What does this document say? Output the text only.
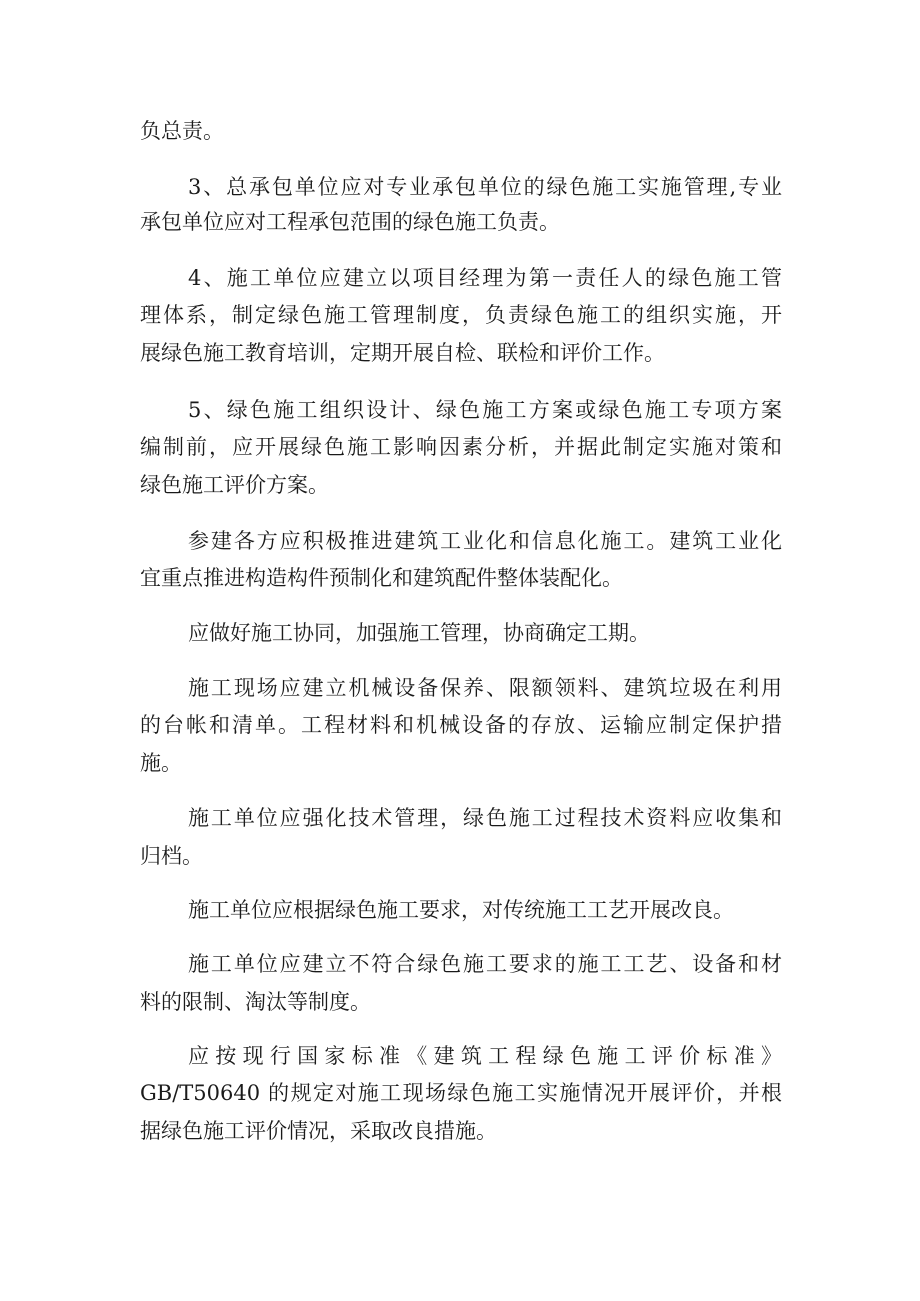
负总责。
3、总承包单位应对专业承包单位的绿色施工实施管理,专业
承包单位应对工程承包范围的绿色施工负责。
4、施工单位应建立以项目经理为第一责任人的绿色施工管
理体系，制定绿色施工管理制度，负责绿色施工的组织实施，开
展绿色施工教育培训，定期开展自检、联检和评价工作。
5、绿色施工组织设计、绿色施工方案或绿色施工专项方案
编制前，应开展绿色施工影响因素分析，并据此制定实施对策和
绿色施工评价方案。
参建各方应积极推进建筑工业化和信息化施工。建筑工业化
宜重点推进构造构件预制化和建筑配件整体装配化。
应做好施工协同，加强施工管理，协商确定工期。
施工现场应建立机械设备保养、限额领料、建筑垃圾在利用
的台帐和清单。工程材料和机械设备的存放、运输应制定保护措
施。
施工单位应强化技术管理，绿色施工过程技术资料应收集和
归档。
施工单位应根据绿色施工要求，对传统施工工艺开展改良。
施工单位应建立不符合绿色施工要求的施工工艺、设备和材
料的限制、淘汰等制度。
应按现行国家标准《建筑工程绿色施工评价标准》
GB/T50640 的规定对施工现场绿色施工实施情况开展评价，并根
据绿色施工评价情况，采取改良措施。
